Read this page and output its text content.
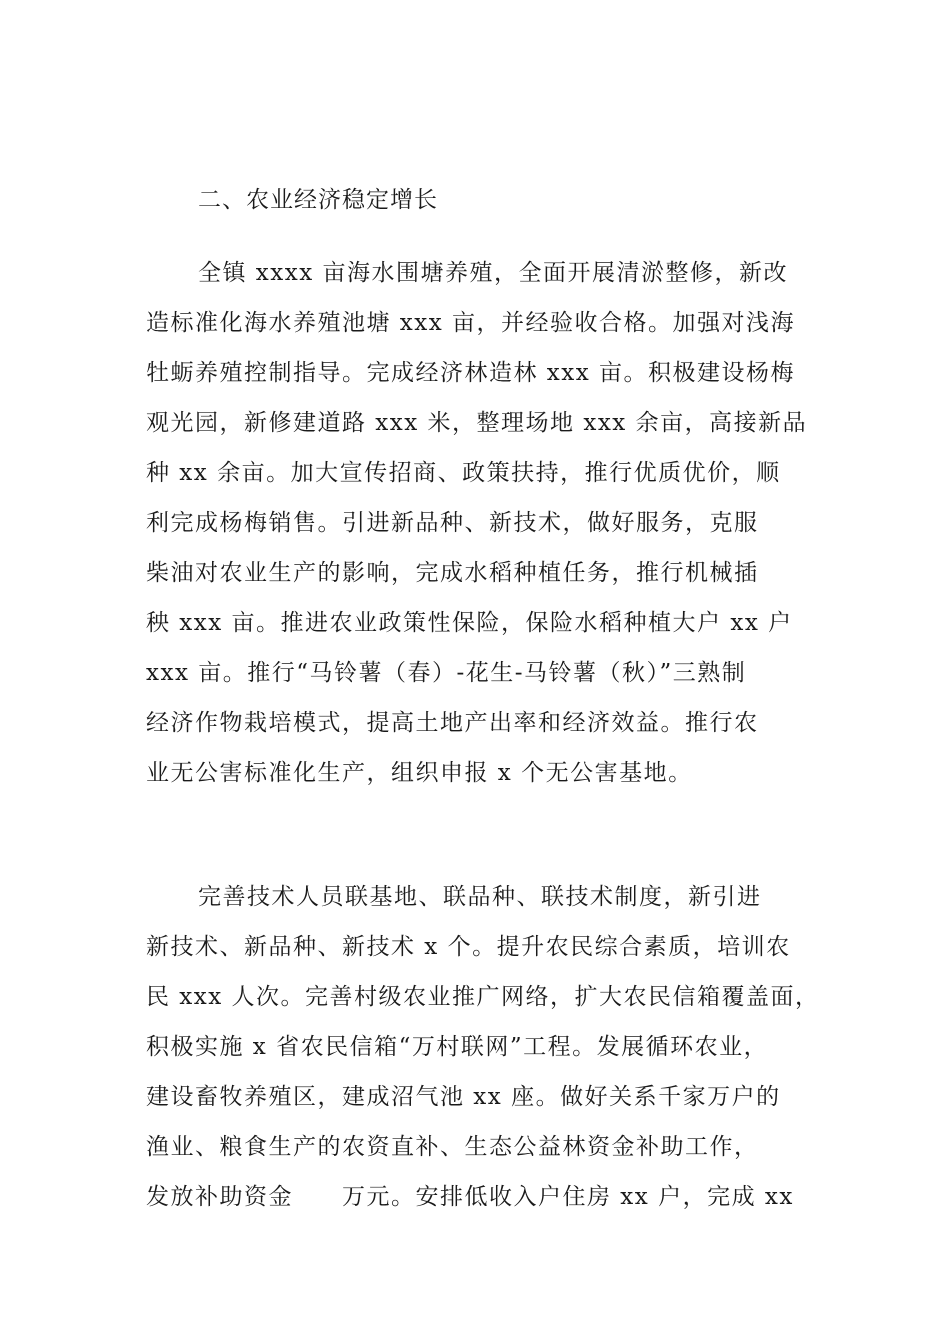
二、农业经济稳定增长
全镇 xxxx 亩海水围塘养殖，全面开展清淤整修，新改
造标准化海水养殖池塘 xxx 亩，并经验收合格。加强对浅海
牡蛎养殖控制指导。完成经济林造林 xxx 亩。积极建设杨梅
观光园，新修建道路 xxx 米，整理场地 xxx 余亩，高接新品
种 xx 余亩。加大宣传招商、政策扶持，推行优质优价，顺
利完成杨梅销售。引进新品种、新技术，做好服务，克服
柴油对农业生产的影响，完成水稻种植任务，推行机械插
秧 xxx 亩。推进农业政策性保险，保险水稻种植大户 xx 户
xxx 亩。推行“马铃薯（春）-花生-马铃薯（秋）”三熟制
经济作物栽培模式，提高土地产出率和经济效益。推行农
业无公害标准化生产，组织申报 x 个无公害基地。
完善技术人员联基地、联品种、联技术制度，新引进
新技术、新品种、新技术 x 个。提升农民综合素质，培训农
民 xxx 人次。完善村级农业推广网络，扩大农民信箱覆盖面，
积极实施 x 省农民信箱“万村联网”工程。发展循环农业，
建设畜牧养殖区，建成沼气池 xx 座。做好关系千家万户的
渔业、粮食生产的农资直补、生态公益林资金补助工作，
发放补助资金　　万元。安排低收入户住房 xx 户，完成 xx
